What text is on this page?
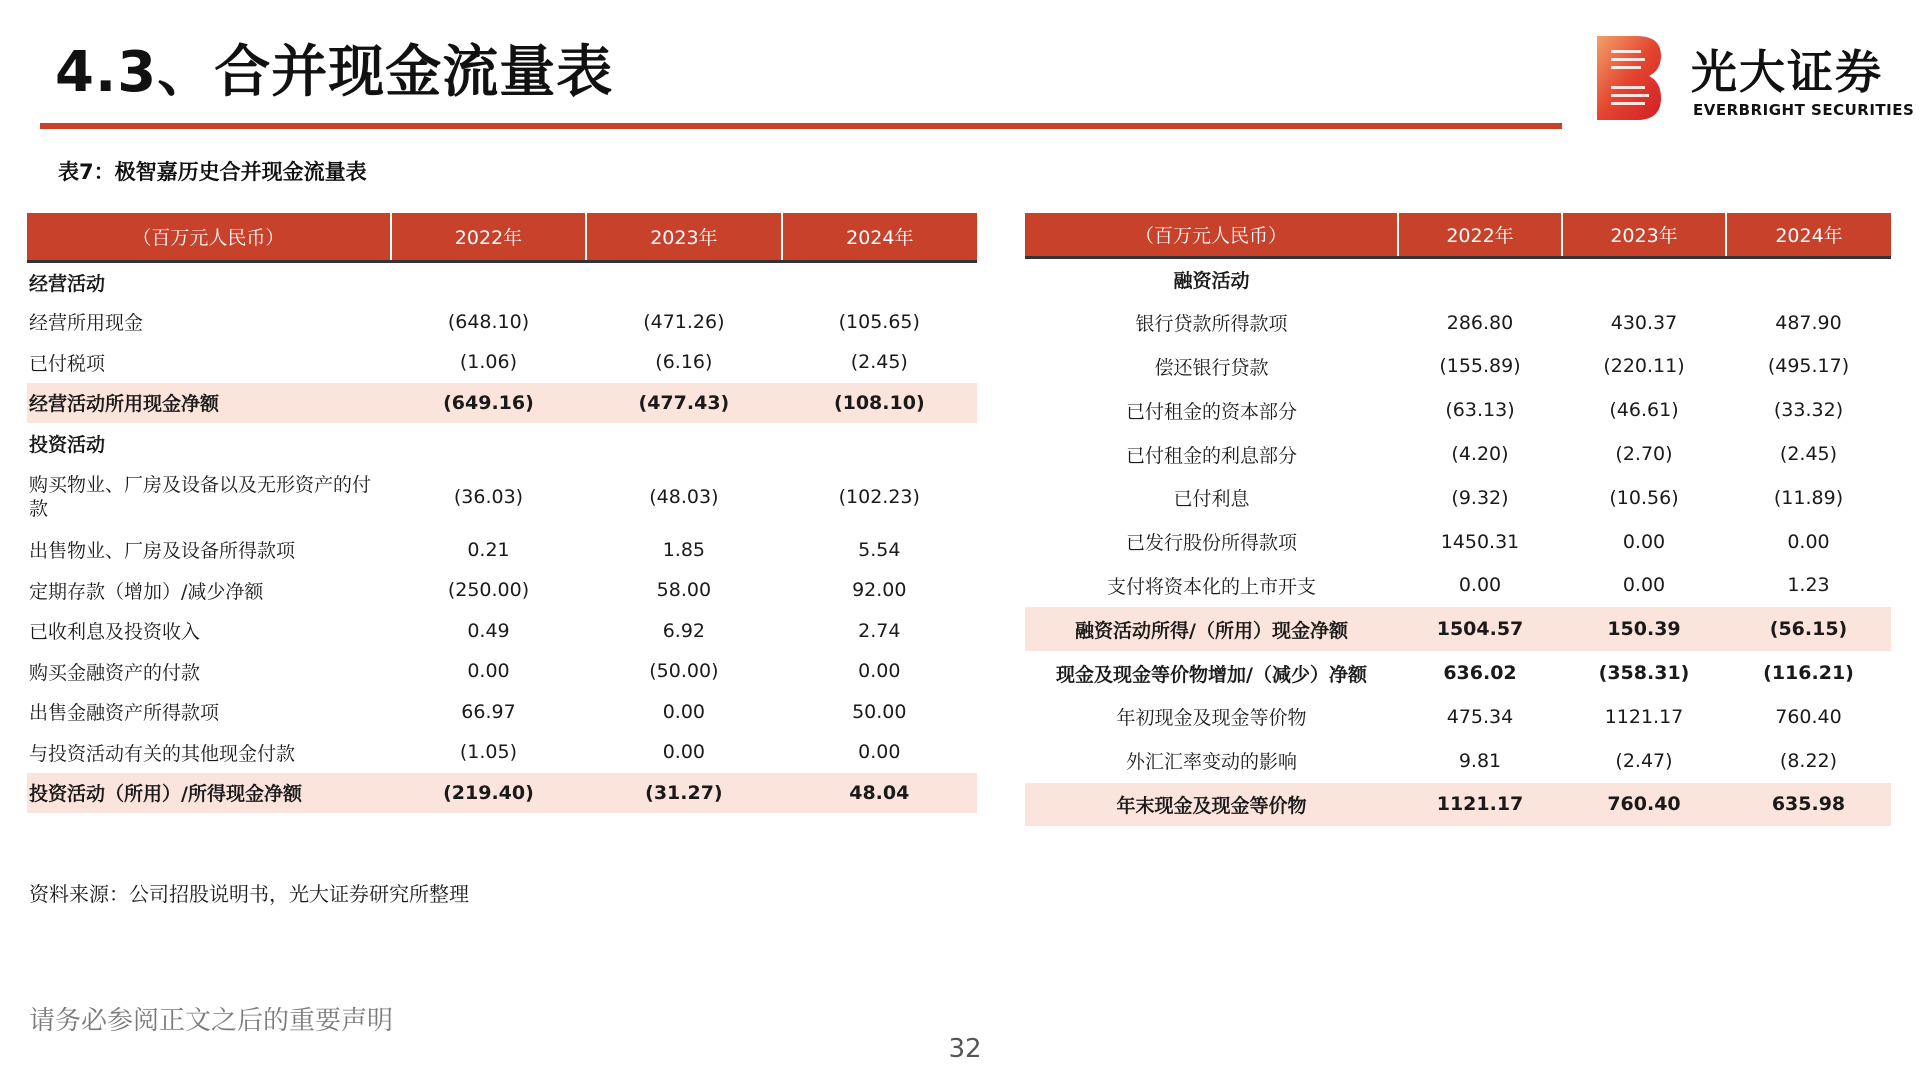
4.3、合并现金流量表	光大证券
EVERBRIGHT SECURITIES
表7：极智嘉历史合并现金流量表
（百万元人民币）	2022年	2023年	2024年
经营活动			
经营所用现金	(648.10)	(471.26)	(105.65)
已付税项	(1.06)	(6.16)	(2.45)
经营活动所用现金净额	(649.16)	(477.43)	(108.10)
投资活动			
购买物业、厂房及设备以及无形资产的付款	(36.03)	(48.03)	(102.23)
出售物业、厂房及设备所得款项	0.21	1.85	5.54
定期存款（增加）/减少净额	(250.00)	58.00	92.00
已收利息及投资收入	0.49	6.92	2.74
购买金融资产的付款	0.00	(50.00)	0.00
出售金融资产所得款项	66.97	0.00	50.00
与投资活动有关的其他现金付款	(1.05)	0.00	0.00
投资活动（所用）/所得现金净额	(219.40)	(31.27)	48.04
（百万元人民币）	2022年	2023年	2024年
融资活动			
银行贷款所得款项	286.80	430.37	487.90
偿还银行贷款	(155.89)	(220.11)	(495.17)
已付租金的资本部分	(63.13)	(46.61)	(33.32)
已付租金的利息部分	(4.20)	(2.70)	(2.45)
已付利息	(9.32)	(10.56)	(11.89)
已发行股份所得款项	1450.31	0.00	0.00
支付将资本化的上市开支	0.00	0.00	1.23
融资活动所得/（所用）现金净额	1504.57	150.39	(56.15)
现金及现金等价物增加/（减少）净额	636.02	(358.31)	(116.21)
年初现金及现金等价物	475.34	1121.17	760.40
外汇汇率变动的影响	9.81	(2.47)	(8.22)
年末现金及现金等价物	1121.17	760.40	635.98
资料来源：公司招股说明书，光大证券研究所整理
请务必参阅正文之后的重要声明
32
